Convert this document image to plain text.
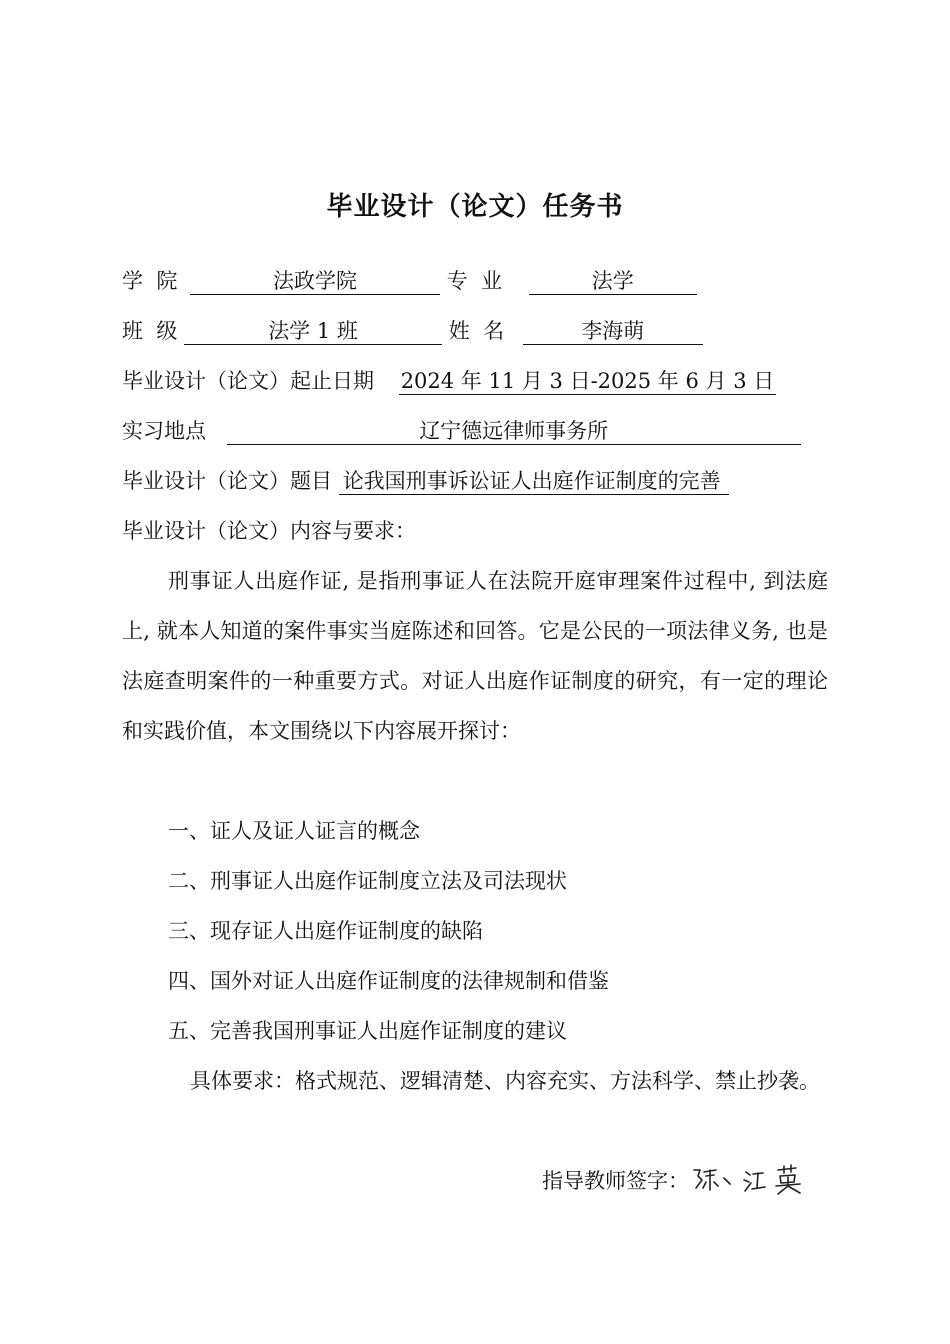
毕业设计（论文）任务书
学  院	法政学院	专  业	法学
班  级	法学 1 班	姓  名	李海萌
毕业设计（论文）起止日期 2024 年 11 月 3 日-2025 年 6 月 3 日
实习地点	辽宁德远律师事务所
毕业设计（论文）题目 论我国刑事诉讼证人出庭作证制度的完善
毕业设计（论文）内容与要求：
刑事证人出庭作证, 是指刑事证人在法院开庭审理案件过程中, 到法庭上, 就本人知道的案件事实当庭陈述和回答。它是公民的一项法律义务, 也是法庭查明案件的一种重要方式。对证人出庭作证制度的研究，有一定的理论和实践价值，本文围绕以下内容展开探讨：
一、证人及证人证言的概念
二、刑事证人出庭作证制度立法及司法现状
三、现存证人出庭作证制度的缺陷
四、国外对证人出庭作证制度的法律规制和借鉴
五、完善我国刑事证人出庭作证制度的建议
具体要求：格式规范、逻辑清楚、内容充实、方法科学、禁止抄袭。
指导教师签字：
